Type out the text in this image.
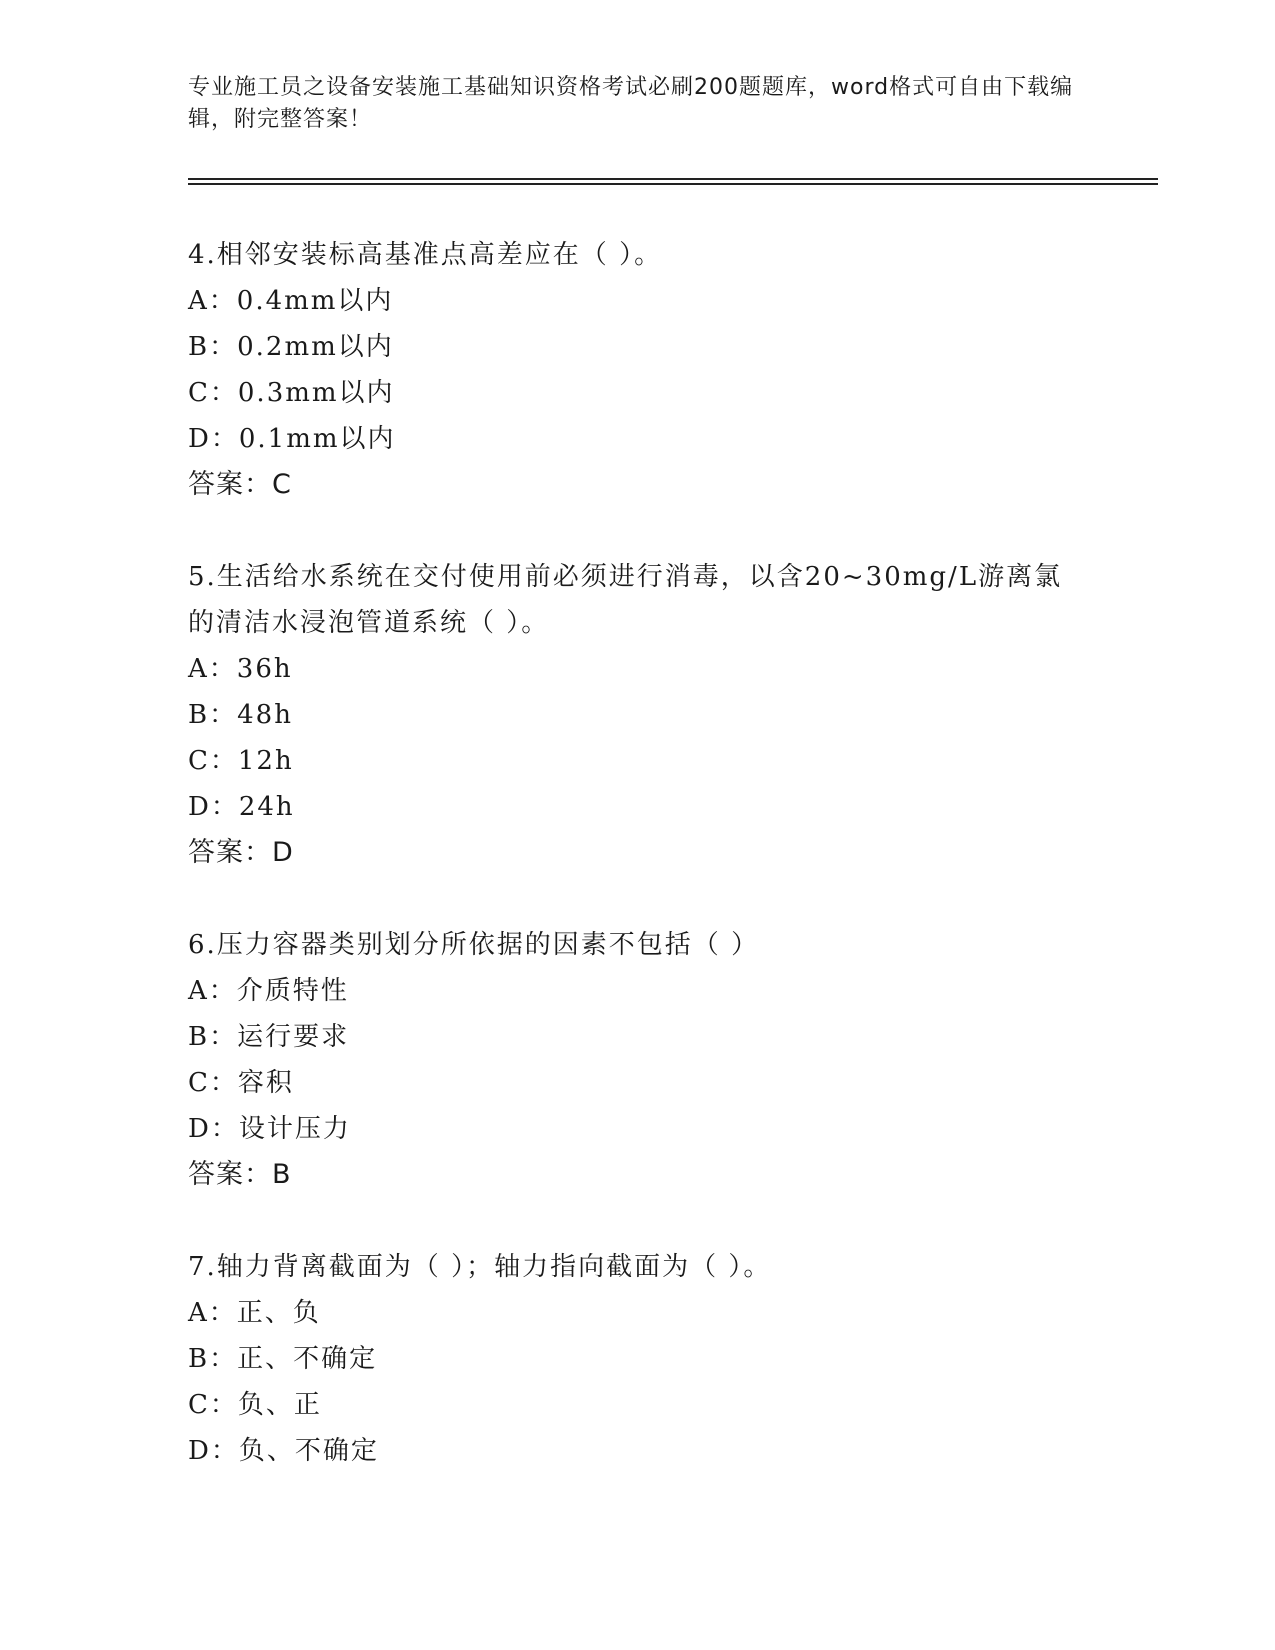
专业施工员之设备安装施工基础知识资格考试必刷200题题库，word格式可自由下载编辑，附完整答案！
4.相邻安装标高基准点高差应在（ ）。
A：0.4mm以内
B：0.2mm以内
C：0.3mm以内
D：0.1mm以内
答案：C
5.生活给水系统在交付使用前必须进行消毒，以含20~30mg/L游离氯的清洁水浸泡管道系统（ ）。
A：36h
B：48h
C：12h
D：24h
答案：D
6.压力容器类别划分所依据的因素不包括（ ）
A：介质特性
B：运行要求
C：容积
D：设计压力
答案：B
7.轴力背离截面为（ ）；轴力指向截面为（ ）。
A：正、负
B：正、不确定
C：负、正
D：负、不确定
